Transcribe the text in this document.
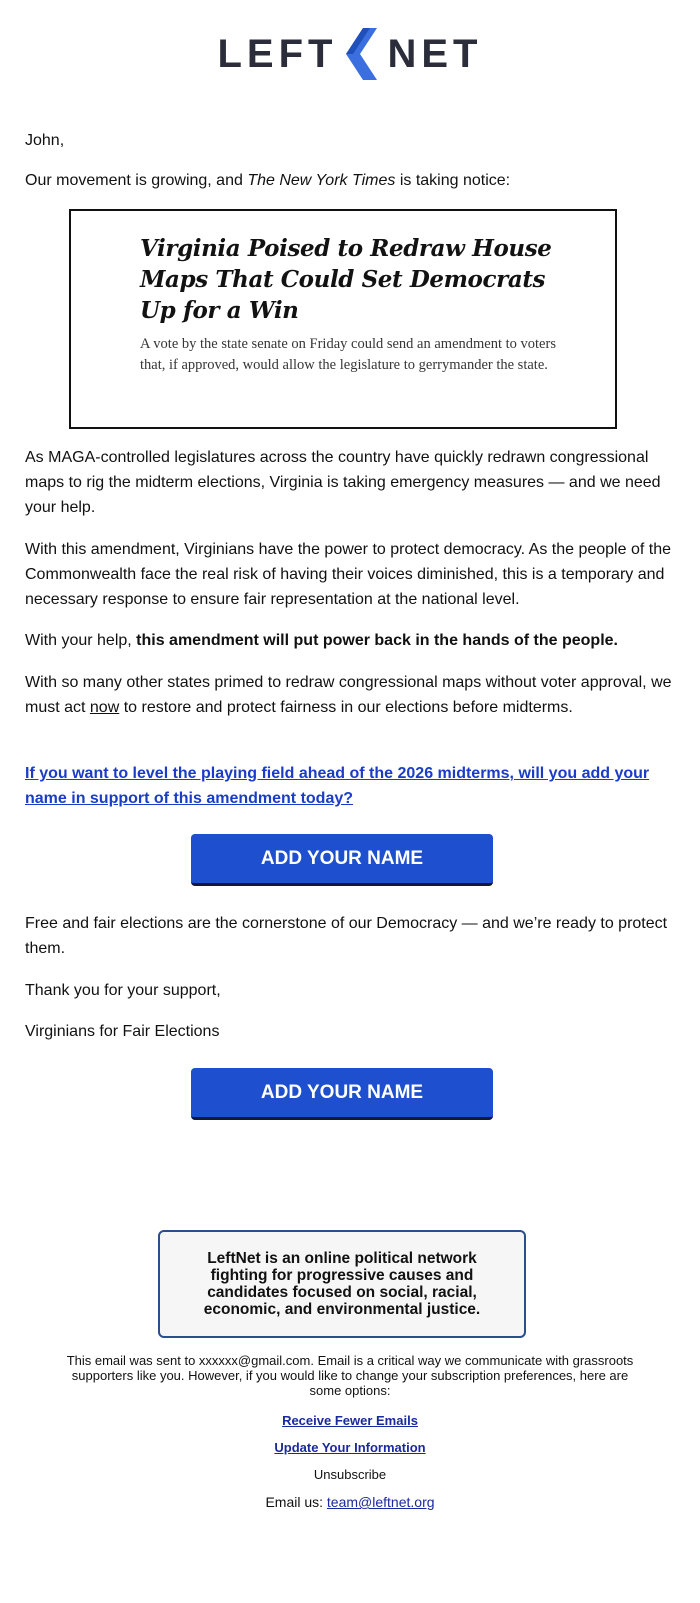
LEFT NET

John,

Our movement is growing, and The New York Times is taking notice:

Virginia Poised to Redraw House Maps That Could Set Democrats Up for a Win

A vote by the state senate on Friday could send an amendment to voters that, if approved, would allow the legislature to gerrymander the state.

As MAGA-controlled legislatures across the country have quickly redrawn congressional maps to rig the midterm elections, Virginia is taking emergency measures — and we need your help.

With this amendment, Virginians have the power to protect democracy. As the people of the Commonwealth face the real risk of having their voices diminished, this is a temporary and necessary response to ensure fair representation at the national level.

With your help, this amendment will put power back in the hands of the people.

With so many other states primed to redraw congressional maps without voter approval, we must act now to restore and protect fairness in our elections before midterms.

If you want to level the playing field ahead of the 2026 midterms, will you add your name in support of this amendment today?

ADD YOUR NAME

Free and fair elections are the cornerstone of our Democracy — and we’re ready to protect them.

Thank you for your support,

Virginians for Fair Elections

ADD YOUR NAME

LeftNet is an online political network fighting for progressive causes and candidates focused on social, racial, economic, and environmental justice.

This email was sent to xxxxxx@gmail.com. Email is a critical way we communicate with grassroots supporters like you. However, if you would like to change your subscription preferences, here are some options:

Receive Fewer Emails
Update Your Information
Unsubscribe
Email us: team@leftnet.org
